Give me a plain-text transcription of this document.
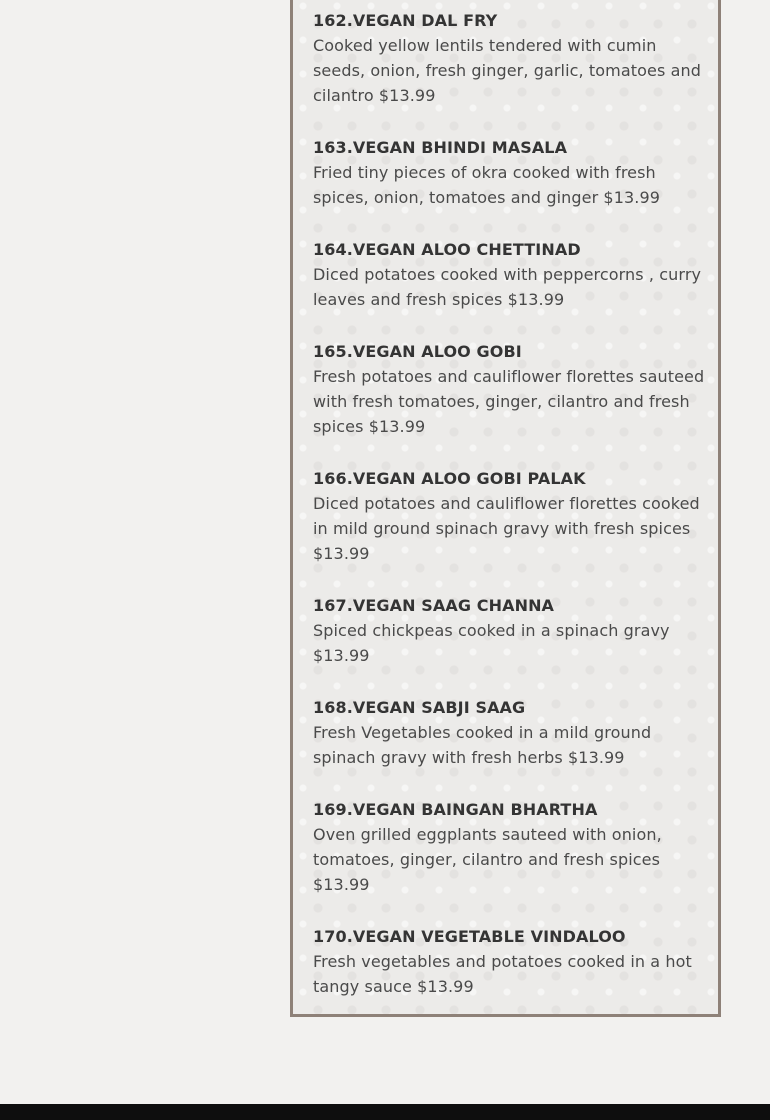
162.VEGAN DAL FRY
Cooked yellow lentils tendered with cumin seeds, onion, fresh ginger, garlic, tomatoes and cilantro $13.99
163.VEGAN BHINDI MASALA
Fried tiny pieces of okra cooked with fresh spices, onion, tomatoes and ginger $13.99
164.VEGAN ALOO CHETTINAD
Diced potatoes cooked with peppercorns , curry leaves and fresh spices $13.99
165.VEGAN ALOO GOBI
Fresh potatoes and cauliflower florettes sauteed with fresh tomatoes, ginger, cilantro and fresh spices $13.99
166.VEGAN ALOO GOBI PALAK
Diced potatoes and cauliflower florettes cooked in mild ground spinach gravy with fresh spices $13.99
167.VEGAN SAAG CHANNA
Spiced chickpeas cooked in a spinach gravy $13.99
168.VEGAN SABJI SAAG
Fresh Vegetables cooked in a mild ground spinach gravy with fresh herbs $13.99
169.VEGAN BAINGAN BHARTHA
Oven grilled eggplants sauteed with onion, tomatoes, ginger, cilantro and fresh spices $13.99
170.VEGAN VEGETABLE VINDALOO
Fresh vegetables and potatoes cooked in a hot tangy sauce $13.99
